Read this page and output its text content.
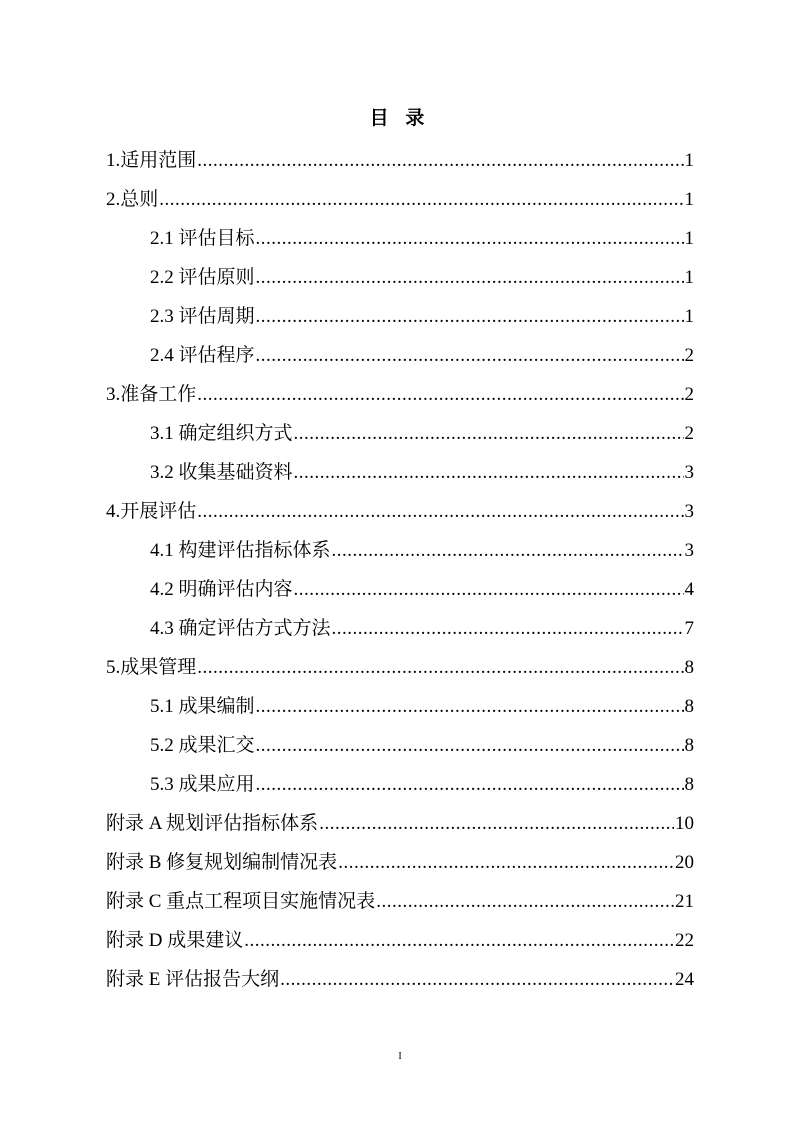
目 录
1.适用范围 .....	1
2.总则 .....	1
2.1 评估目标 .....	1
2.2 评估原则 .....	1
2.3 评估周期 .....	1
2.4 评估程序 .....	2
3.准备工作 .....	2
3.1 确定组织方式 .....	2
3.2 收集基础资料 .....	3
4.开展评估 .....	3
4.1 构建评估指标体系 .....	3
4.2 明确评估内容 .....	4
4.3 确定评估方式方法 .....	7
5.成果管理 .....	8
5.1 成果编制 .....	8
5.2 成果汇交 .....	8
5.3 成果应用 .....	8
附录 A 规划评估指标体系 .....	10
附录 B 修复规划编制情况表 .....	20
附录 C 重点工程项目实施情况表 .....	21
附录 D 成果建议 .....	22
附录 E 评估报告大纲 .....	24
I
